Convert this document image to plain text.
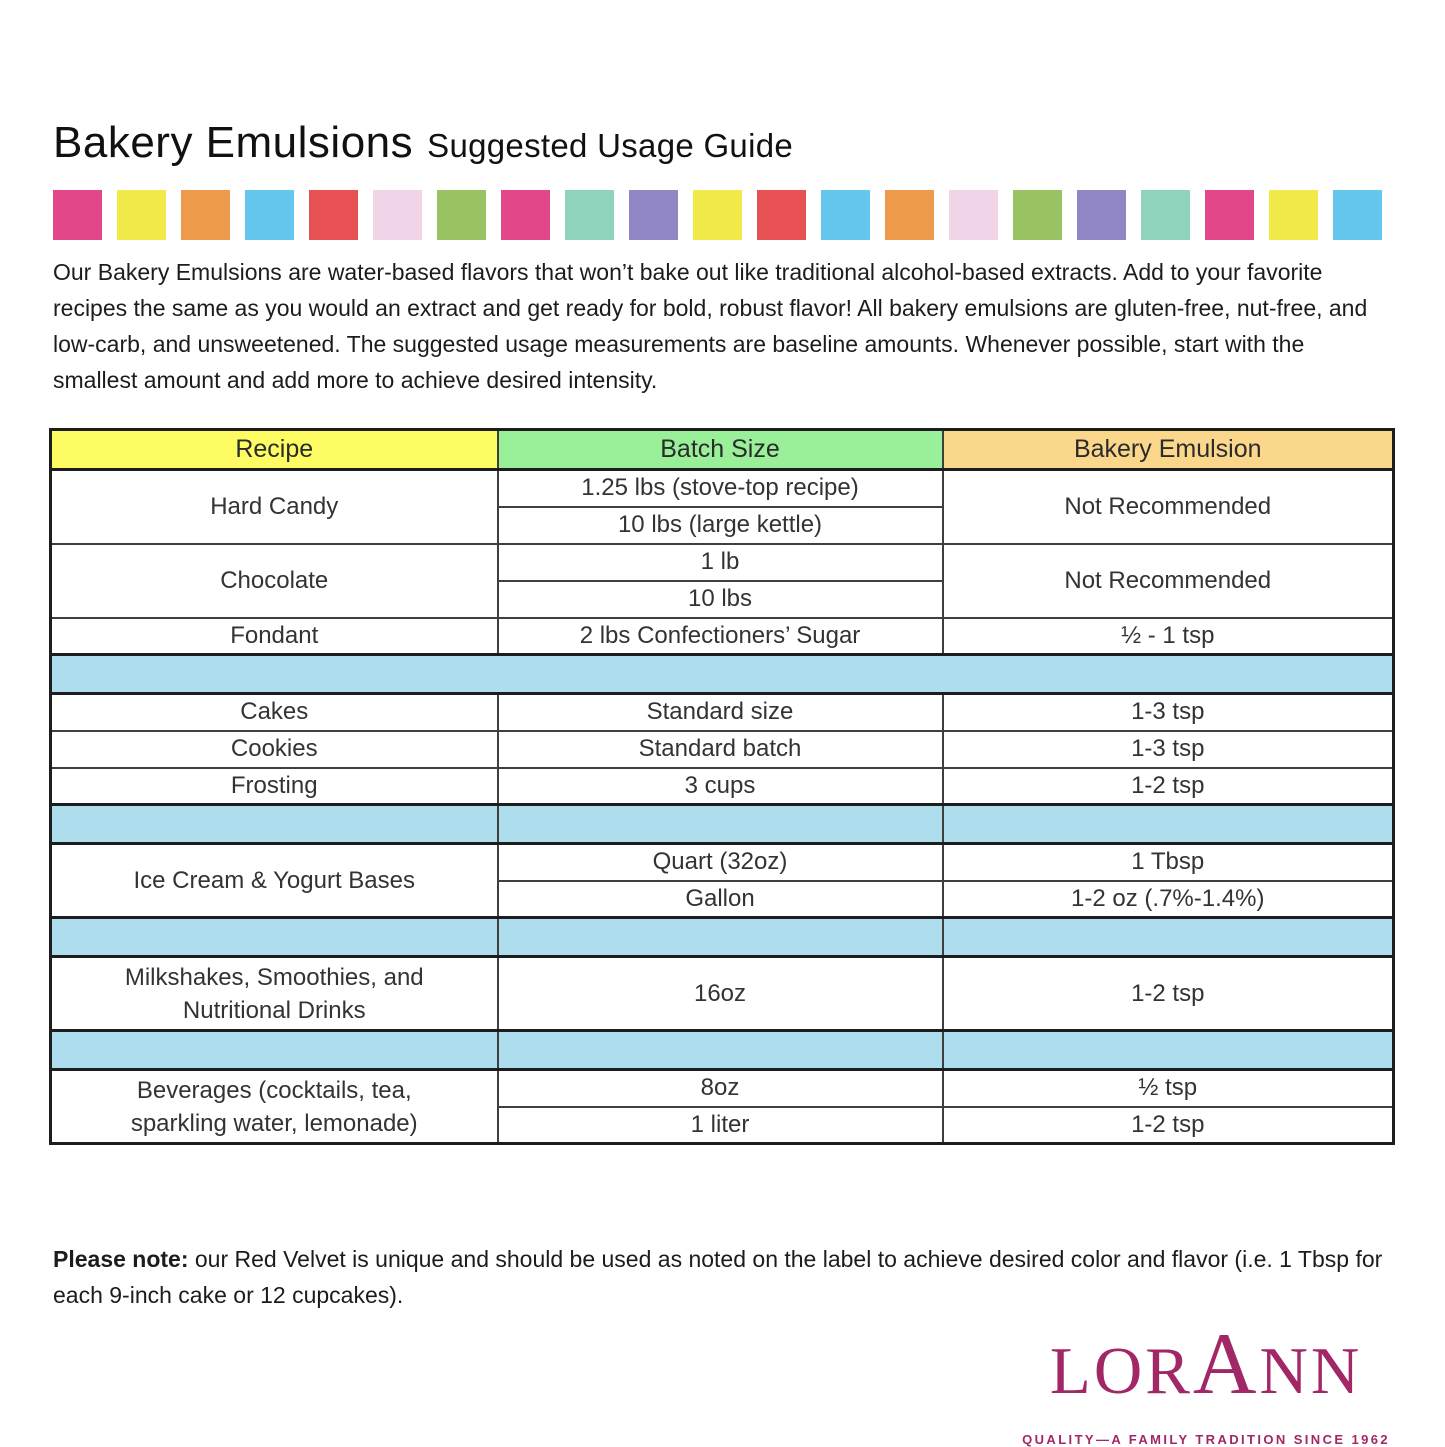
Bakery Emulsions Suggested Usage Guide

Our Bakery Emulsions are water-based flavors that won’t bake out like traditional alcohol-based extracts. Add to your favorite recipes the same as you would an extract and get ready for bold, robust flavor! All bakery emulsions are gluten-free, nut-free, and low-carb, and unsweetened. The suggested usage measurements are baseline amounts. Whenever possible, start with the smallest amount and add more to achieve desired intensity.

Recipe	Batch Size	Bakery Emulsion
Hard Candy	1.25 lbs (stove-top recipe)	Not Recommended
	10 lbs (large kettle)	
Chocolate	1 lb	Not Recommended
	10 lbs	
Fondant	2 lbs Confectioners’ Sugar	½ - 1 tsp

Cakes	Standard size	1-3 tsp
Cookies	Standard batch	1-3 tsp
Frosting	3 cups	1-2 tsp

Ice Cream & Yogurt Bases	Quart (32oz)	1 Tbsp
	Gallon	1-2 oz (.7%-1.4%)

Milkshakes, Smoothies, and
Nutritional Drinks	16oz	1-2 tsp

Beverages (cocktails, tea,
sparkling water, lemonade)	8oz	½ tsp
	1 liter	1-2 tsp

Please note: our Red Velvet is unique and should be used as noted on the label to achieve desired color and flavor (i.e. 1 Tbsp for each 9-inch cake or 12 cupcakes).

LORANN
QUALITY—A FAMILY TRADITION SINCE 1962
